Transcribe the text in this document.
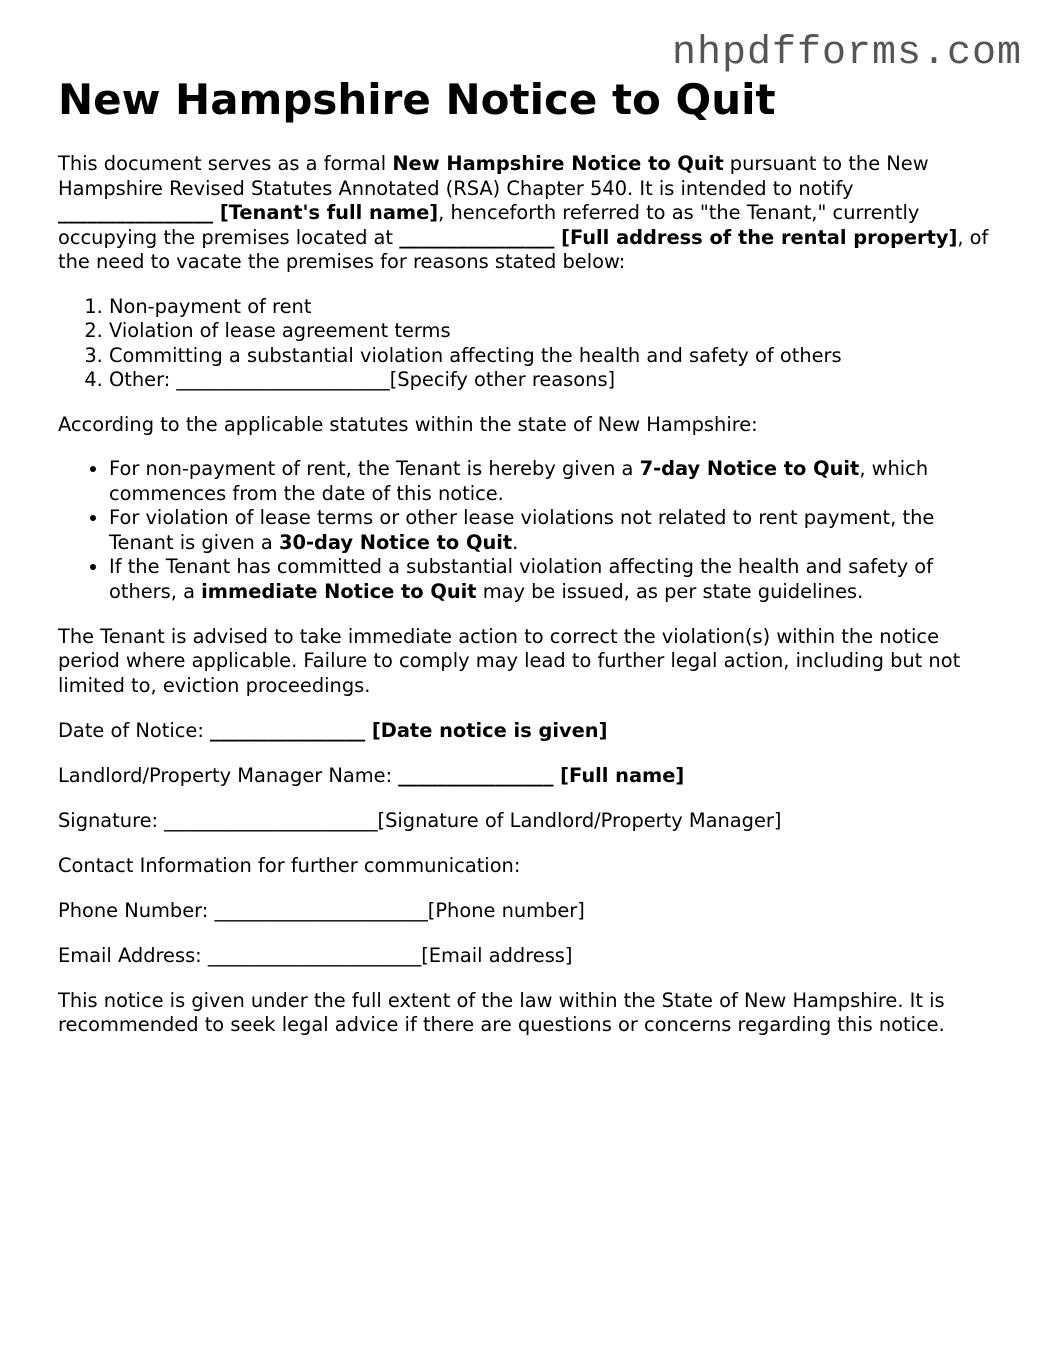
nhpdfforms.com
New Hampshire Notice to Quit

This document serves as a formal New Hampshire Notice to Quit pursuant to the New Hampshire Revised Statutes Annotated (RSA) Chapter 540. It is intended to notify ________________ [Tenant's full name], henceforth referred to as "the Tenant," currently occupying the premises located at ________________ [Full address of the rental property], of the need to vacate the premises for reasons stated below:

1. Non-payment of rent
2. Violation of lease agreement terms
3. Committing a substantial violation affecting the health and safety of others
4. Other: ______________________[Specify other reasons]

According to the applicable statutes within the state of New Hampshire:

• For non-payment of rent, the Tenant is hereby given a 7-day Notice to Quit, which commences from the date of this notice.
• For violation of lease terms or other lease violations not related to rent payment, the Tenant is given a 30-day Notice to Quit.
• If the Tenant has committed a substantial violation affecting the health and safety of others, a immediate Notice to Quit may be issued, as per state guidelines.

The Tenant is advised to take immediate action to correct the violation(s) within the notice period where applicable. Failure to comply may lead to further legal action, including but not limited to, eviction proceedings.

Date of Notice: ________________ [Date notice is given]

Landlord/Property Manager Name: ________________ [Full name]

Signature: ______________________[Signature of Landlord/Property Manager]

Contact Information for further communication:

Phone Number: ______________________[Phone number]

Email Address: ______________________[Email address]

This notice is given under the full extent of the law within the State of New Hampshire. It is recommended to seek legal advice if there are questions or concerns regarding this notice.
